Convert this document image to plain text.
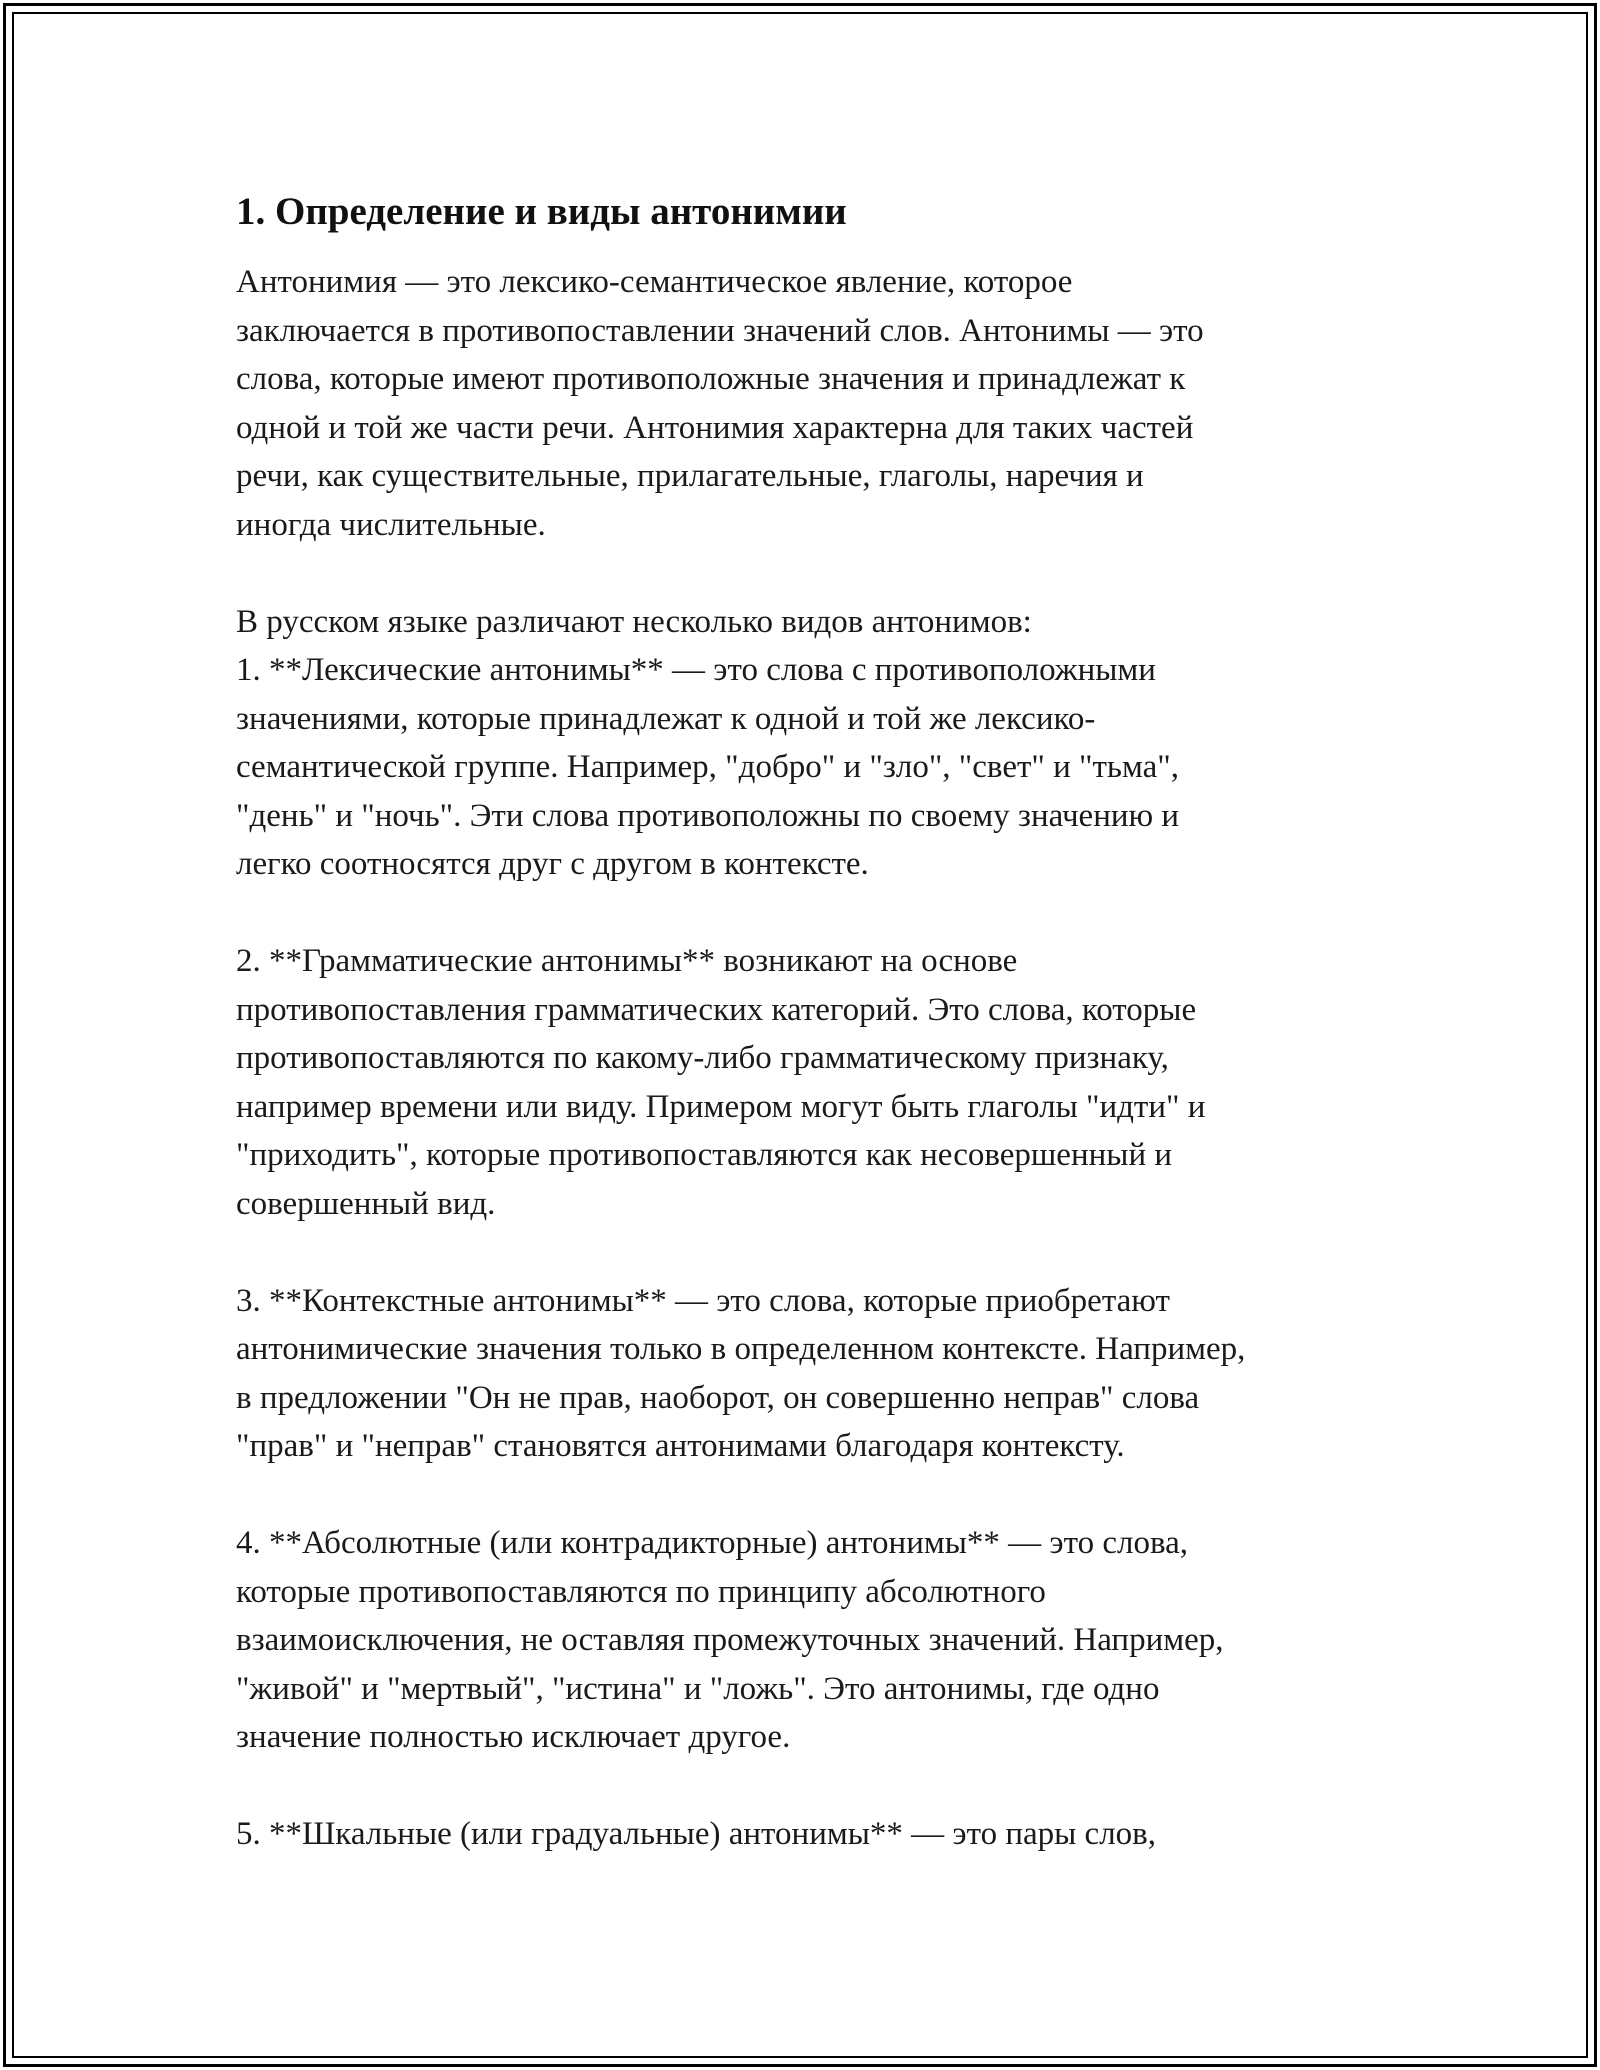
1. Определение и виды антонимии

Антонимия — это лексико-семантическое явление, которое
заключается в противопоставлении значений слов. Антонимы — это
слова, которые имеют противоположные значения и принадлежат к
одной и той же части речи. Антонимия характерна для таких частей
речи, как существительные, прилагательные, глаголы, наречия и
иногда числительные.

В русском языке различают несколько видов антонимов:

1. **Лексические антонимы** — это слова с противоположными
значениями, которые принадлежат к одной и той же лексико-
семантической группе. Например, "добро" и "зло", "свет" и "тьма",
"день" и "ночь". Эти слова противоположны по своему значению и
легко соотносятся друг с другом в контексте.

2. **Грамматические антонимы** возникают на основе
противопоставления грамматических категорий. Это слова, которые
противопоставляются по какому-либо грамматическому признаку,
например времени или виду. Примером могут быть глаголы "идти" и
"приходить", которые противопоставляются как несовершенный и
совершенный вид.

3. **Контекстные антонимы** — это слова, которые приобретают
антонимические значения только в определенном контексте. Например,
в предложении "Он не прав, наоборот, он совершенно неправ" слова
"прав" и "неправ" становятся антонимами благодаря контексту.

4. **Абсолютные (или контрадикторные) антонимы** — это слова,
которые противопоставляются по принципу абсолютного
взаимоисключения, не оставляя промежуточных значений. Например,
"живой" и "мертвый", "истина" и "ложь". Это антонимы, где одно
значение полностью исключает другое.

5. **Шкальные (или градуальные) антонимы** — это пары слов,
